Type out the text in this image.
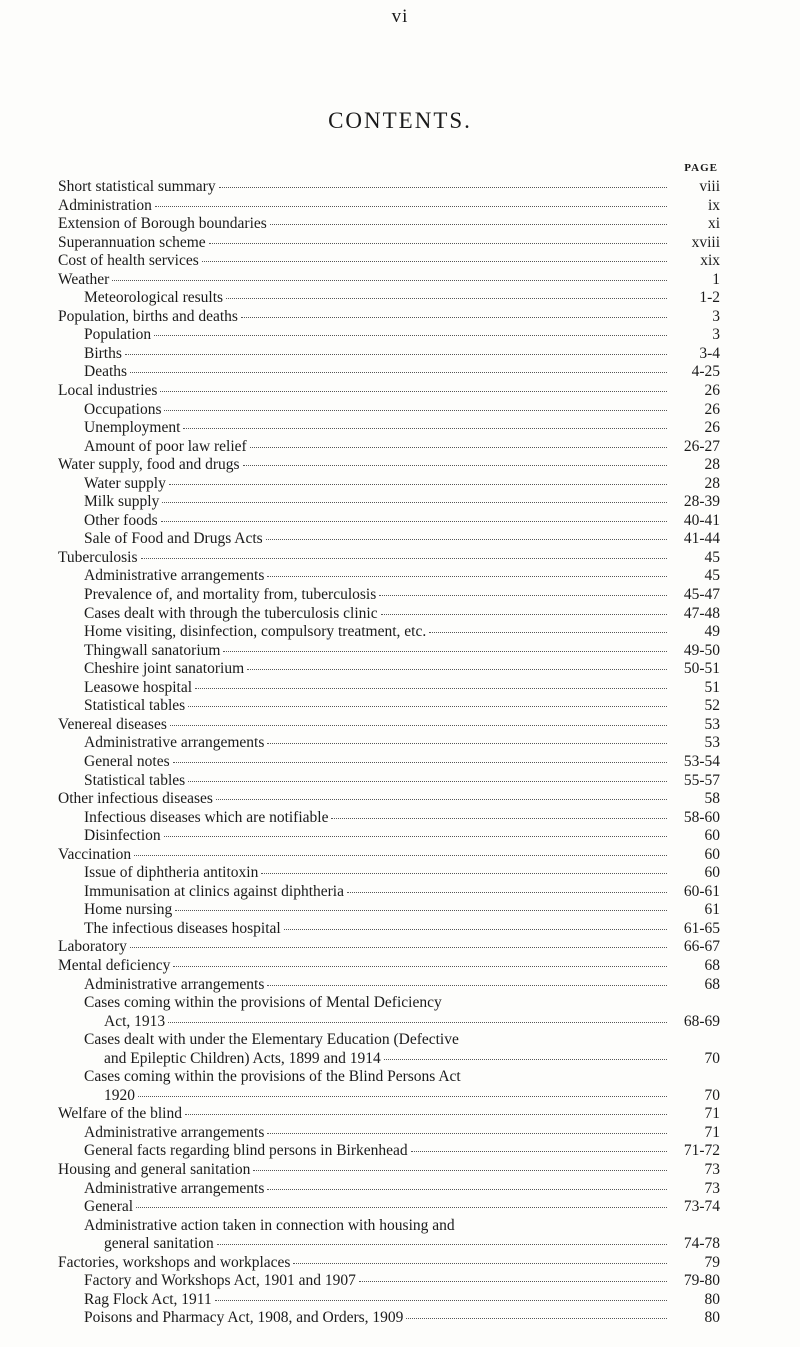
vi
CONTENTS.
PAGE
Short statistical summary	viii
Administration	ix
Extension of Borough boundaries	xi
Superannuation scheme	xviii
Cost of health services	xix
Weather	1
Meteorological results	1-2
Population, births and deaths	3
Population	3
Births	3-4
Deaths	4-25
Local industries	26
Occupations	26
Unemployment	26
Amount of poor law relief	26-27
Water supply, food and drugs	28
Water supply	28
Milk supply	28-39
Other foods	40-41
Sale of Food and Drugs Acts	41-44
Tuberculosis	45
Administrative arrangements	45
Prevalence of, and mortality from, tuberculosis	45-47
Cases dealt with through the tuberculosis clinic	47-48
Home visiting, disinfection, compulsory treatment, etc.	49
Thingwall sanatorium	49-50
Cheshire joint sanatorium	50-51
Leasowe hospital	51
Statistical tables	52
Venereal diseases	53
Administrative arrangements	53
General notes	53-54
Statistical tables	55-57
Other infectious diseases	58
Infectious diseases which are notifiable	58-60
Disinfection	60
Vaccination	60
Issue of diphtheria antitoxin	60
Immunisation at clinics against diphtheria	60-61
Home nursing	61
The infectious diseases hospital	61-65
Laboratory	66-67
Mental deficiency	68
Administrative arrangements	68
Cases coming within the provisions of Mental Deficiency
Act, 1913	68-69
Cases dealt with under the Elementary Education (Defective
and Epileptic Children) Acts, 1899 and 1914	70
Cases coming within the provisions of the Blind Persons Act
1920	70
Welfare of the blind	71
Administrative arrangements	71
General facts regarding blind persons in Birkenhead	71-72
Housing and general sanitation	73
Administrative arrangements	73
General	73-74
Administrative action taken in connection with housing and
general sanitation	74-78
Factories, workshops and workplaces	79
Factory and Workshops Act, 1901 and 1907	79-80
Rag Flock Act, 1911	80
Poisons and Pharmacy Act, 1908, and Orders, 1909	80
